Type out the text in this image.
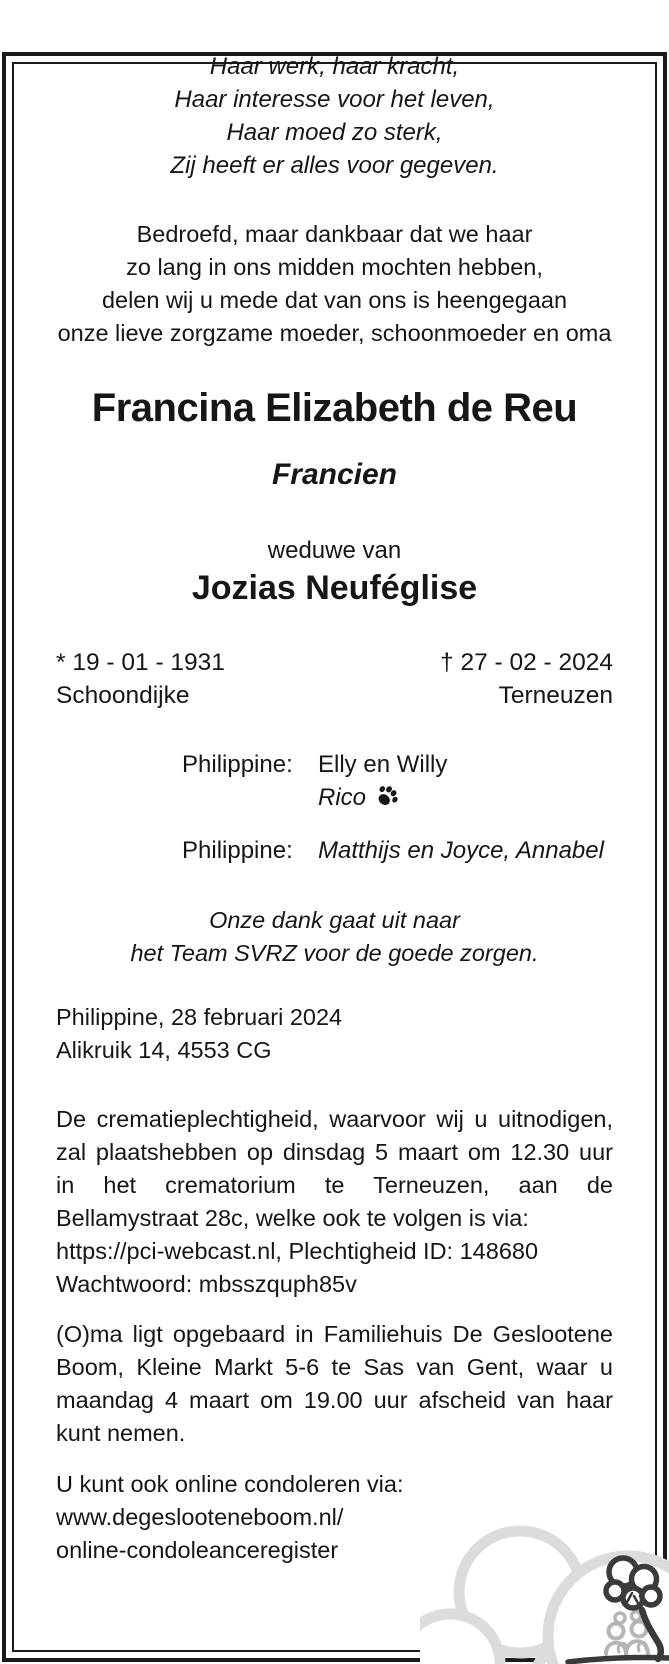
Haar werk, haar kracht,
Haar interesse voor het leven,
Haar moed zo sterk,
Zij heeft er alles voor gegeven.
Bedroefd, maar dankbaar dat we haar
zo lang in ons midden mochten hebben,
delen wij u mede dat van ons is heengegaan
onze lieve zorgzame moeder, schoonmoeder en oma
Francina Elizabeth de Reu
Francien
weduwe van
Jozias Neuféglise
* 19 - 01 - 1931
Schoondijke
† 27 - 02 - 2024
Terneuzen
Philippine:	Elly en Willy
Rico
Philippine:	Matthijs en Joyce, Annabel
Onze dank gaat uit naar
het Team SVRZ voor de goede zorgen.
Philippine, 28 februari 2024
Alikruik 14, 4553 CG
De crematieplechtigheid, waarvoor wij u uitnodigen,
zal plaatshebben op dinsdag 5 maart om 12.30 uur
in het crematorium te Terneuzen, aan de
Bellamystraat 28c, welke ook te volgen is via:
https://pci-webcast.nl, Plechtigheid ID: 148680
Wachtwoord: mbsszquph85v
(O)ma ligt opgebaard in Familiehuis De Geslootene
Boom, Kleine Markt 5-6 te Sas van Gent, waar u
maandag 4 maart om 19.00 uur afscheid van haar
kunt nemen.
U kunt ook online condoleren via:
www.degeslooteneboom.nl/
online-condoleanceregister
